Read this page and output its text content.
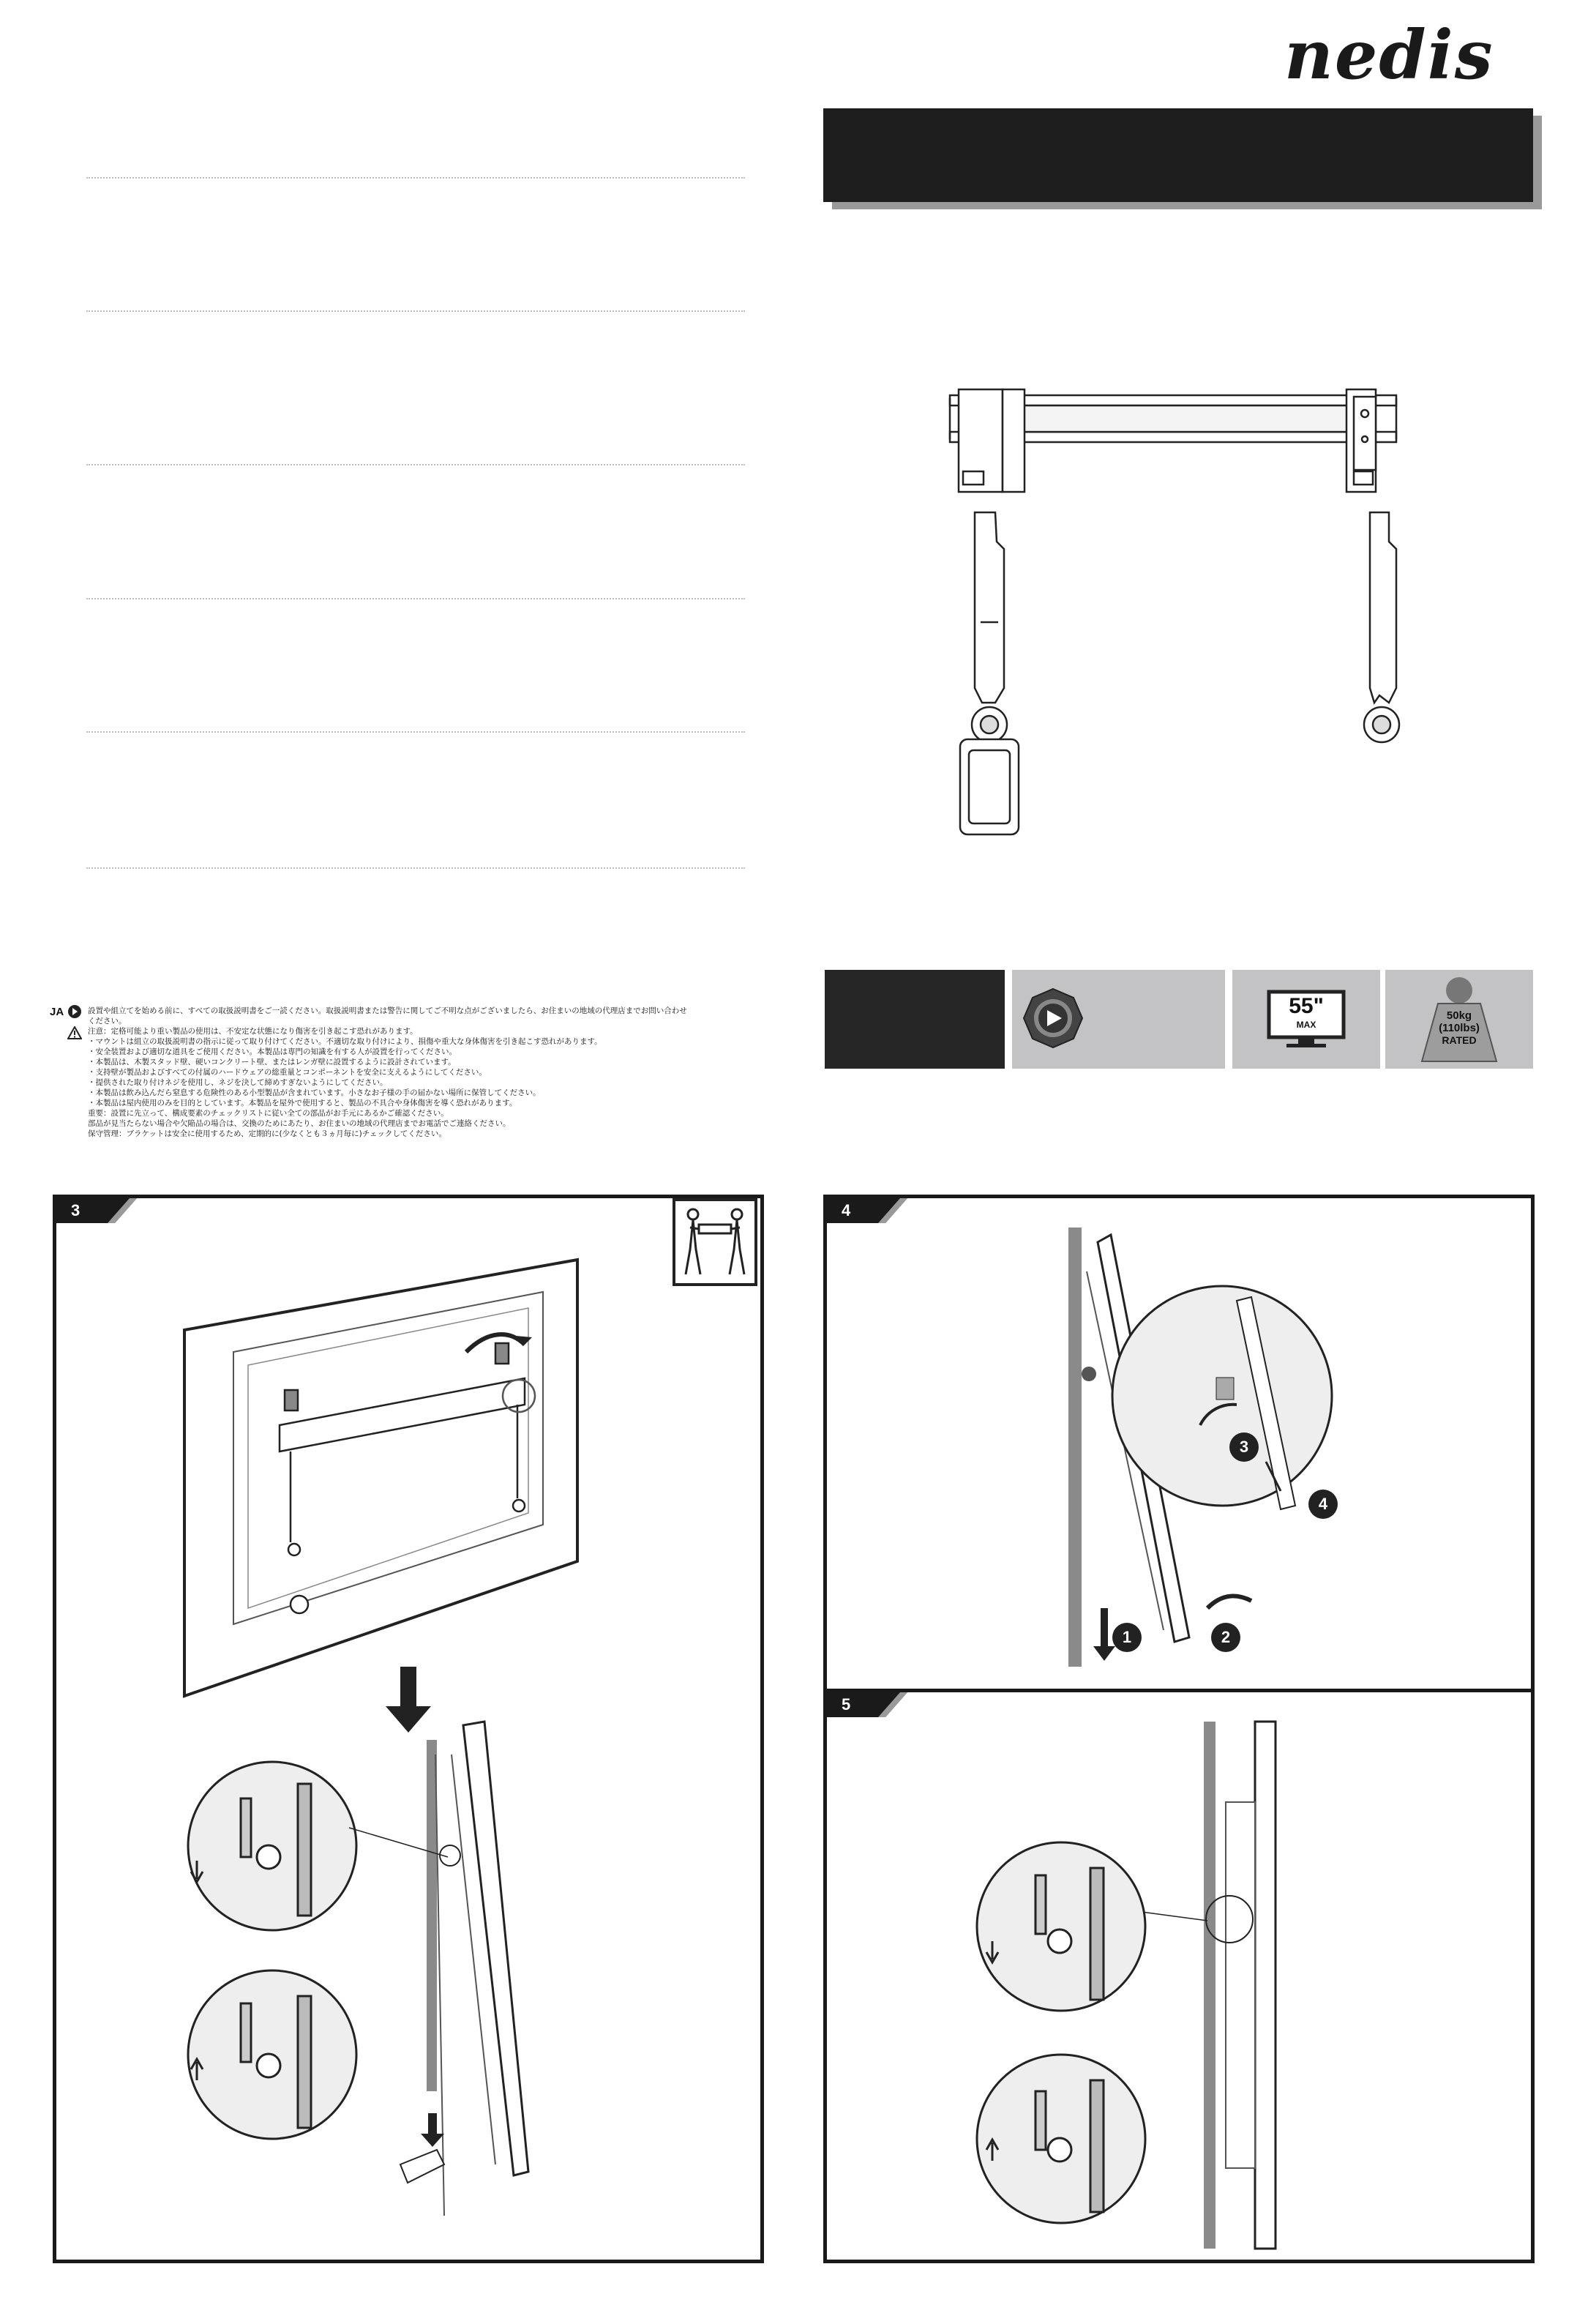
nedis
JA	設置や組立てを始める前に、すべての取扱説明書をご一読ください。取扱説明書または警告に関してご不明な点がございましたら、お住まいの地域の代理店までお問い合わせ
ください。
注意：定格可能より重い製品の使用は、不安定な状態になり傷害を引き起こす恐れがあります。
・マウントは組立の取扱説明書の指示に従って取り付けてください。不適切な取り付けにより、損傷や重大な身体傷害を引き起こす恐れがあります。
・安全装置および適切な道具をご使用ください。本製品は専門の知識を有する人が設置を行ってください。
・本製品は、木製スタッド壁、硬いコンクリート壁、またはレンガ壁に設置するように設計されています。
・支持壁が製品およびすべての付属のハードウェアの総重量とコンポーネントを安全に支えるようにしてください。
・提供された取り付けネジを使用し、ネジを決して締めすぎないようにしてください。
・本製品は飲み込んだら窒息する危険性のある小型製品が含まれています。小さなお子様の手の届かない場所に保管してください。
・本製品は屋内使用のみを目的としています。本製品を屋外で使用すると、製品の不具合や身体傷害を導く恐れがあります。
重要：設置に先立って、構成要素のチェックリストに従い全ての部品がお手元にあるかご確認ください。
部品が見当たらない場合や欠陥品の場合は、交換のためにあたり、お住まいの地域の代理店までお電話でご連絡ください。
保守管理：ブラケットは安全に使用するため、定期的に(少なくとも３ヵ月毎に)チェックしてください。
55"
MAX
50kg
(110lbs)
RATED
3	4
1	2
3
4
5
